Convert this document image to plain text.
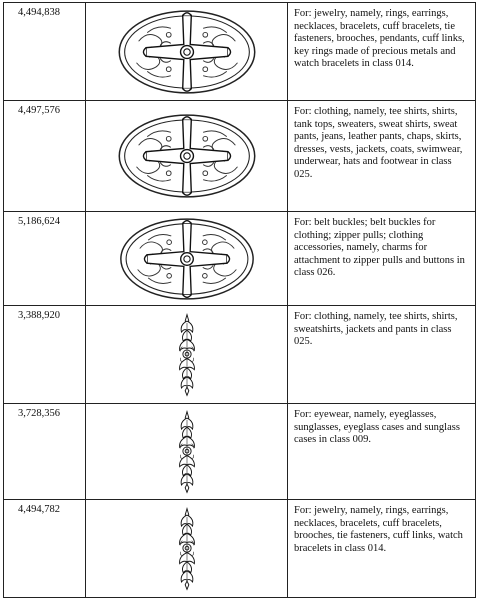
4,494,838	For: jewelry, namely, rings, earrings, necklaces, bracelets, cuff bracelets, tie fasteners, brooches, pendants, cuff links, key rings made of precious metals and watch bracelets in class 014.
4,497,576	For: clothing, namely, tee shirts, shirts, tank tops, sweaters, sweat shirts, sweat pants, jeans, leather pants, chaps, skirts, dresses, vests, jackets, coats, swimwear, underwear, hats and footwear in class 025.
5,186,624	For: belt buckles; belt buckles for clothing; zipper pulls; clothing accessories, namely, charms for attachment to zipper pulls and buttons in class 026.
3,388,920	For: clothing, namely, tee shirts, shirts, sweatshirts, jackets and pants in class 025.
3,728,356	For: eyewear, namely, eyeglasses, sunglasses, eyeglass cases and sunglass cases in class 009.
4,494,782	For: jewelry, namely, rings, earrings, necklaces, bracelets, cuff bracelets, brooches, tie fasteners, cuff links, watch bracelets in class 014.
